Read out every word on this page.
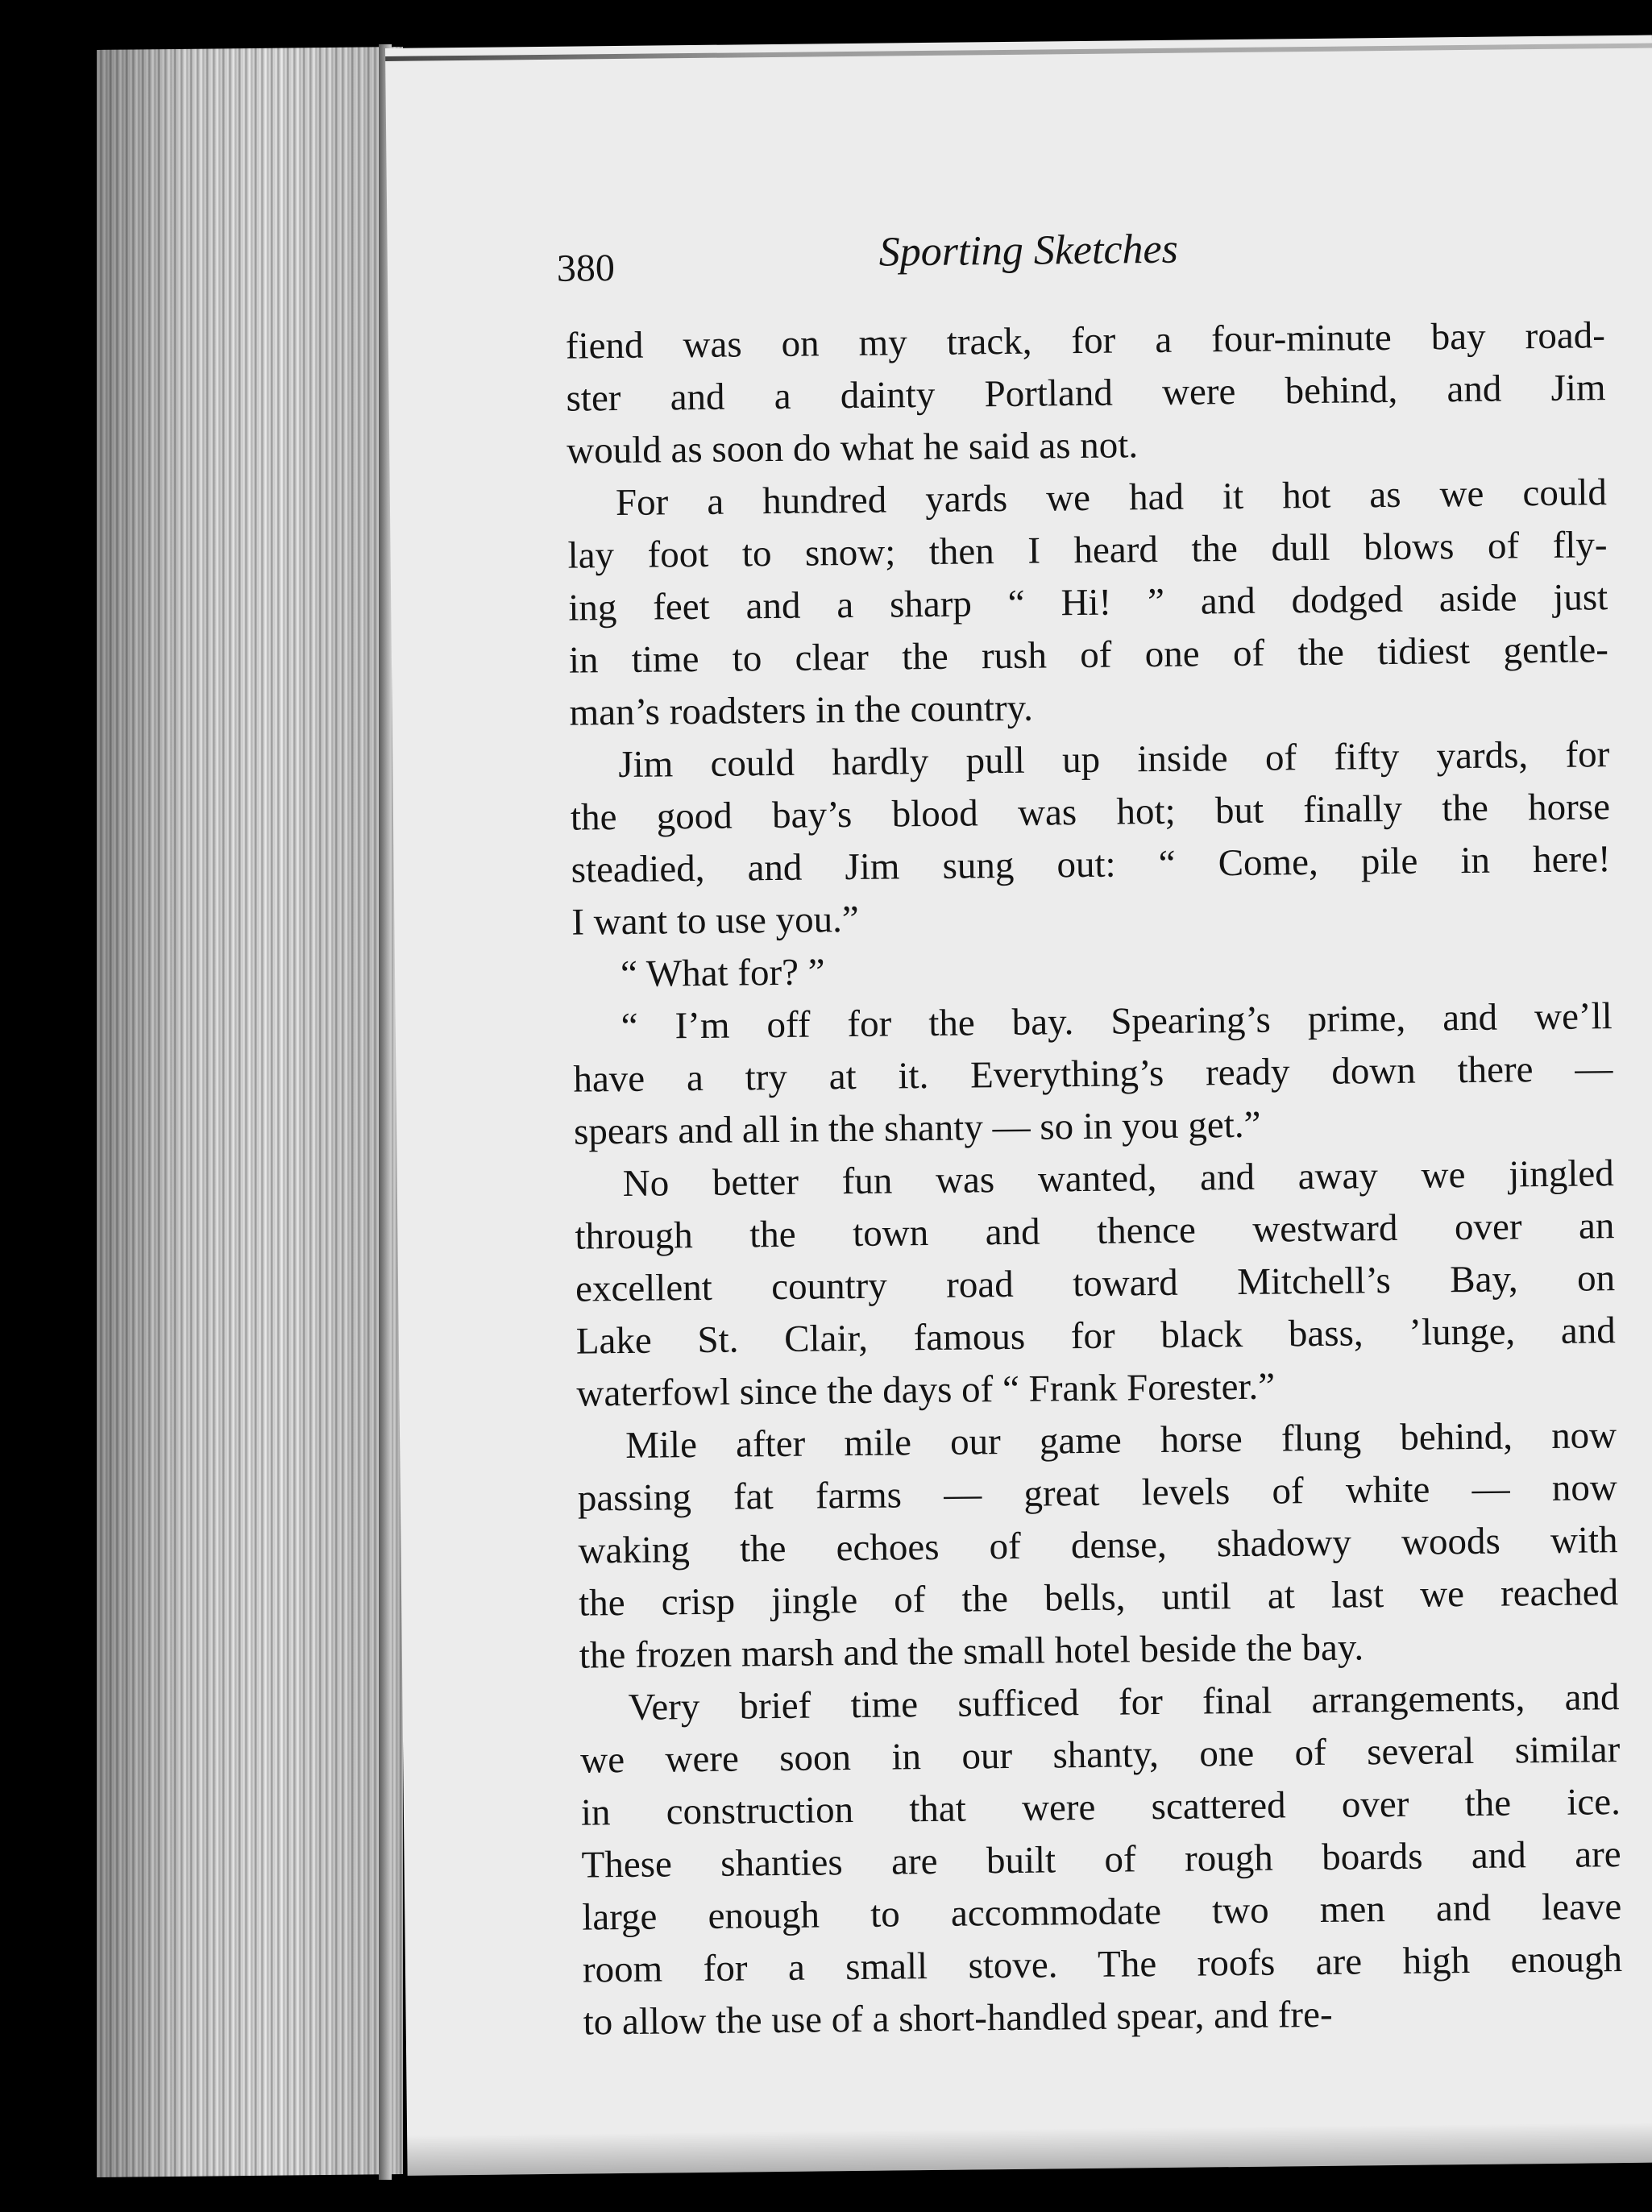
380	Sporting Sketches
fiend was on my track, for a four-minute bay road-
ster and a dainty Portland were behind, and Jim
would as soon do what he said as not.
For a hundred yards we had it hot as we could
lay foot to snow; then I heard the dull blows of fly-
ing feet and a sharp “ Hi! ” and dodged aside just
in time to clear the rush of one of the tidiest gentle-
man’s roadsters in the country.
Jim could hardly pull up inside of fifty yards, for
the good bay’s blood was hot; but finally the horse
steadied, and Jim sung out: “ Come, pile in here!
I want to use you.”
“ What for? ”
“ I’m off for the bay. Spearing’s prime, and we’ll
have a try at it. Everything’s ready down there —
spears and all in the shanty — so in you get.”
No better fun was wanted, and away we jingled
through the town and thence westward over an
excellent country road toward Mitchell’s Bay, on
Lake St. Clair, famous for black bass, ’lunge, and
waterfowl since the days of “ Frank Forester.”
Mile after mile our game horse flung behind, now
passing fat farms — great levels of white — now
waking the echoes of dense, shadowy woods with
the crisp jingle of the bells, until at last we reached
the frozen marsh and the small hotel beside the bay.
Very brief time sufficed for final arrangements, and
we were soon in our shanty, one of several similar
in construction that were scattered over the ice.
These shanties are built of rough boards and are
large enough to accommodate two men and leave
room for a small stove. The roofs are high enough
to allow the use of a short-handled spear, and fre-
